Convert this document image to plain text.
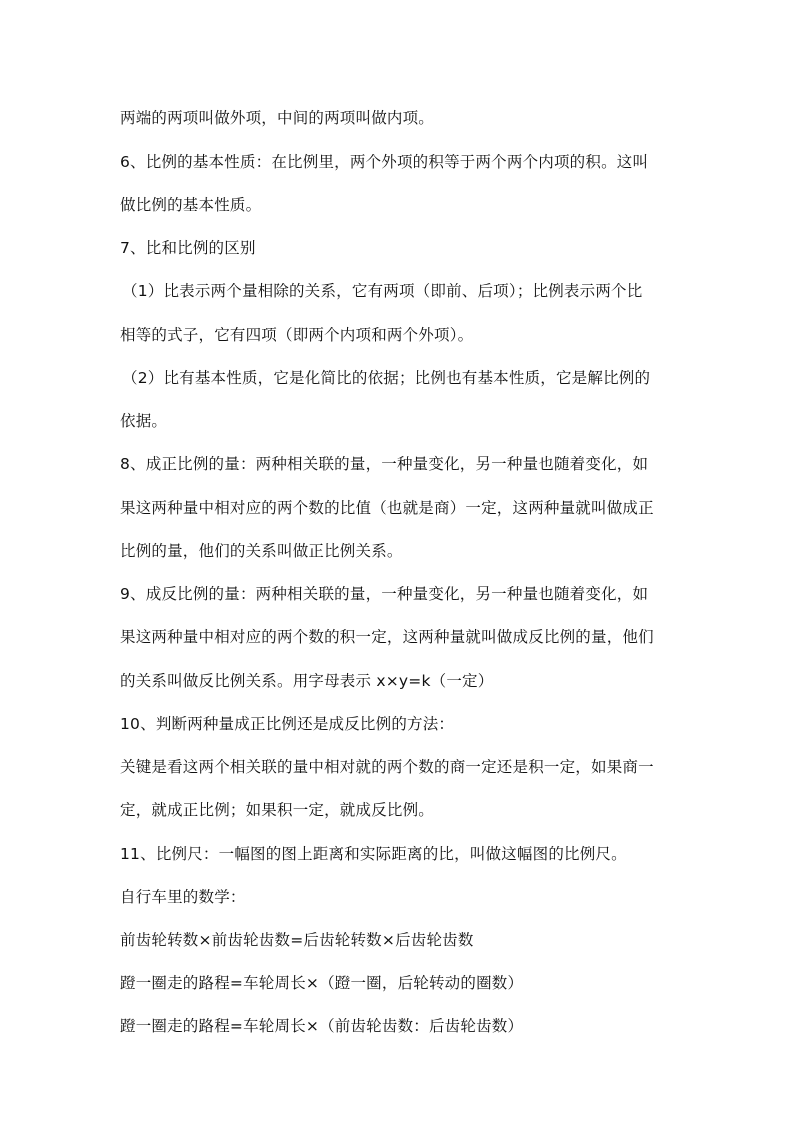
两端的两项叫做外项，中间的两项叫做内项。
6、比例的基本性质：在比例里，两个外项的积等于两个两个内项的积。这叫
做比例的基本性质。
7、比和比例的区别
（1）比表示两个量相除的关系，它有两项（即前、后项）；比例表示两个比
相等的式子，它有四项（即两个内项和两个外项）。
（2）比有基本性质，它是化简比的依据；比例也有基本性质，它是解比例的
依据。
8、成正比例的量：两种相关联的量，一种量变化，另一种量也随着变化，如
果这两种量中相对应的两个数的比值（也就是商）一定，这两种量就叫做成正
比例的量，他们的关系叫做正比例关系。
9、成反比例的量：两种相关联的量，一种量变化，另一种量也随着变化，如
果这两种量中相对应的两个数的积一定，这两种量就叫做成反比例的量，他们
的关系叫做反比例关系。用字母表示 x×y=k（一定）
10、判断两种量成正比例还是成反比例的方法：
关键是看这两个相关联的量中相对就的两个数的商一定还是积一定，如果商一
定，就成正比例；如果积一定，就成反比例。
11、比例尺：一幅图的图上距离和实际距离的比，叫做这幅图的比例尺。
自行车里的数学：
前齿轮转数×前齿轮齿数=后齿轮转数×后齿轮齿数
蹬一圈走的路程=车轮周长×（蹬一圈，后轮转动的圈数）
蹬一圈走的路程=车轮周长×（前齿轮齿数：后齿轮齿数）
